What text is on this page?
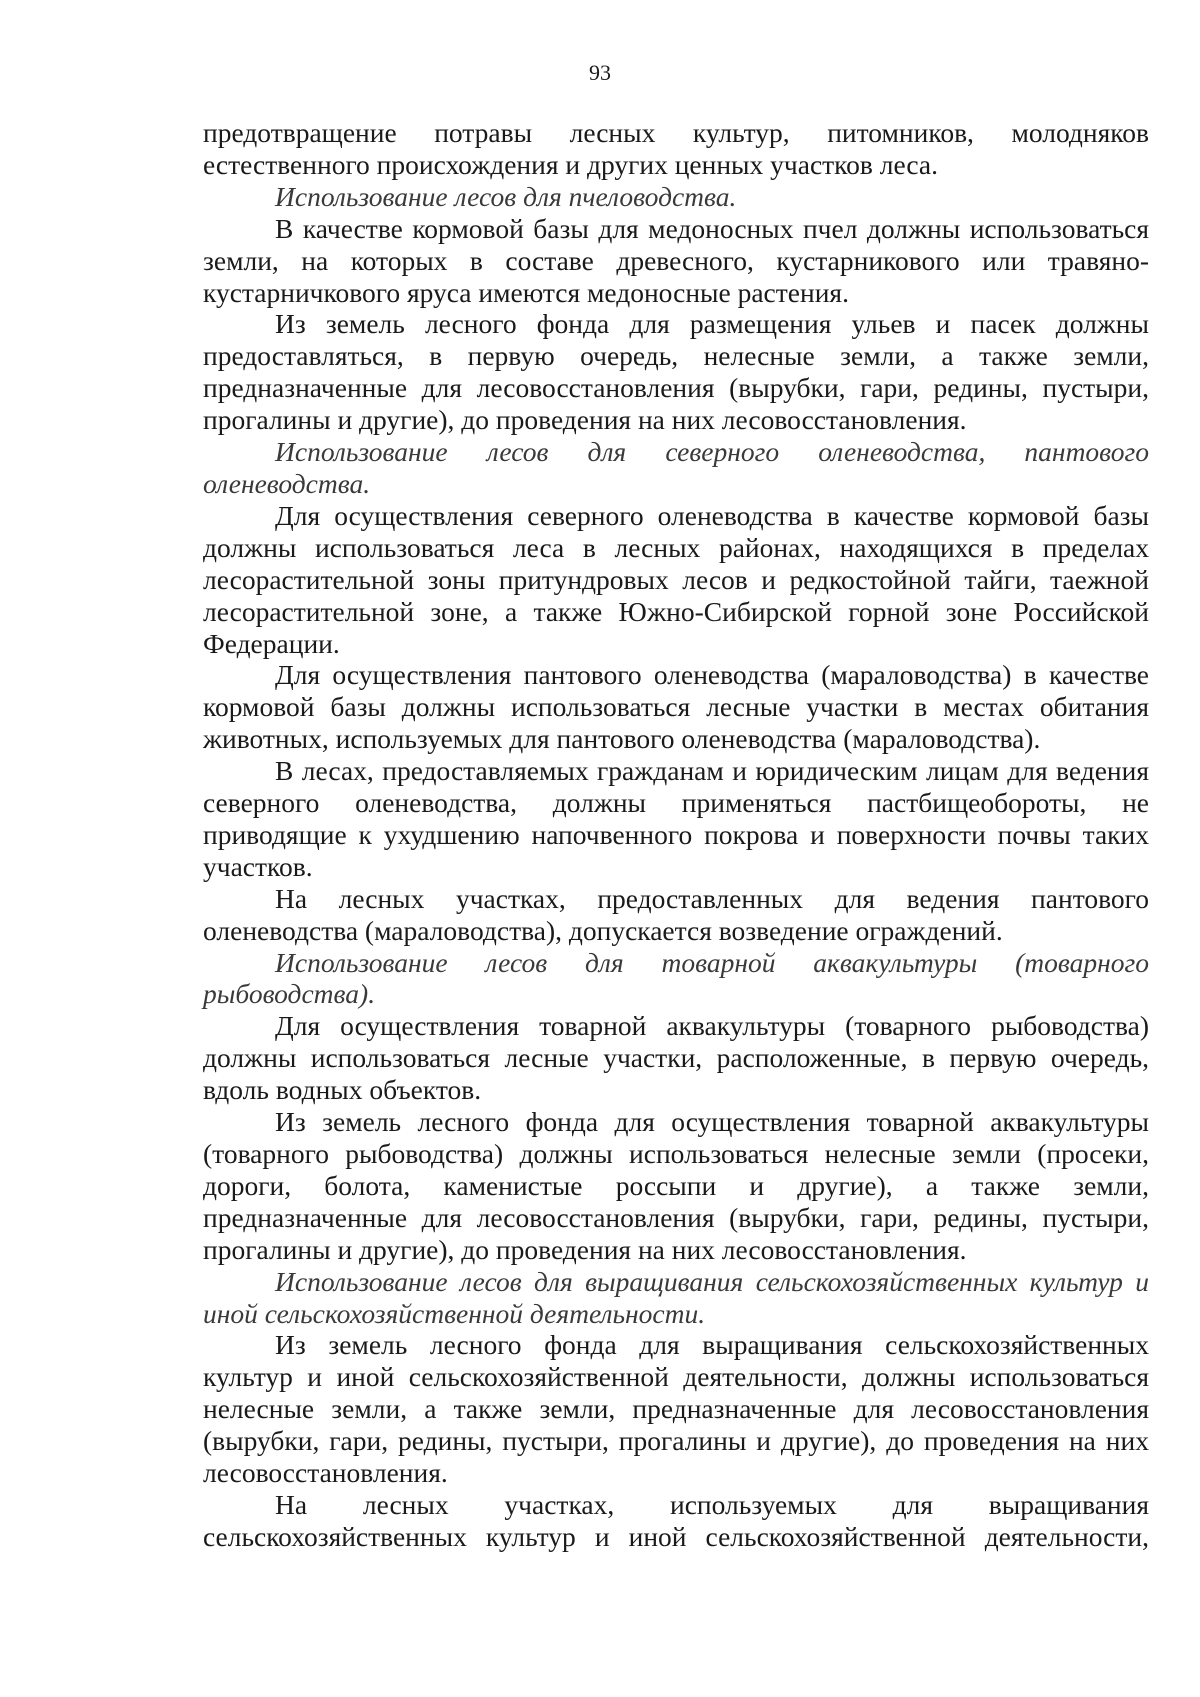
93

предотвращение потравы лесных культур, питомников, молодняков естественного происхождения и других ценных участков леса.

Использование лесов для пчеловодства.

В качестве кормовой базы для медоносных пчел должны использоваться земли, на которых в составе древесного, кустарникового или травяно-кустарничкового яруса имеются медоносные растения.

Из земель лесного фонда для размещения ульев и пасек должны предоставляться, в первую очередь, нелесные земли, а также земли, предназначенные для лесовосстановления (вырубки, гари, редины, пустыри, прогалины и другие), до проведения на них лесовосстановления.

Использование лесов для северного оленеводства, пантового оленеводства.

Для осуществления северного оленеводства в качестве кормовой базы должны использоваться леса в лесных районах, находящихся в пределах лесорастительной зоны притундровых лесов и редкостойной тайги, таежной лесорастительной зоне, а также Южно-Сибирской горной зоне Российской Федерации.

Для осуществления пантового оленеводства (мараловодства) в качестве кормовой базы должны использоваться лесные участки в местах обитания животных, используемых для пантового оленеводства (мараловодства).

В лесах, предоставляемых гражданам и юридическим лицам для ведения северного оленеводства, должны применяться пастбищеобороты, не приводящие к ухудшению напочвенного покрова и поверхности почвы таких участков.

На лесных участках, предоставленных для ведения пантового оленеводства (мараловодства), допускается возведение ограждений.

Использование лесов для товарной аквакультуры (товарного рыбоводства).

Для осуществления товарной аквакультуры (товарного рыбоводства) должны использоваться лесные участки, расположенные, в первую очередь, вдоль водных объектов.

Из земель лесного фонда для осуществления товарной аквакультуры (товарного рыбоводства) должны использоваться нелесные земли (просеки, дороги, болота, каменистые россыпи и другие), а также земли, предназначенные для лесовосстановления (вырубки, гари, редины, пустыри, прогалины и другие), до проведения на них лесовосстановления.

Использование лесов для выращивания сельскохозяйственных культур и иной сельскохозяйственной деятельности.

Из земель лесного фонда для выращивания сельскохозяйственных культур и иной сельскохозяйственной деятельности, должны использоваться нелесные земли, а также земли, предназначенные для лесовосстановления (вырубки, гари, редины, пустыри, прогалины и другие), до проведения на них лесовосстановления.

На лесных участках, используемых для выращивания сельскохозяйственных культур и иной сельскохозяйственной деятельности,
